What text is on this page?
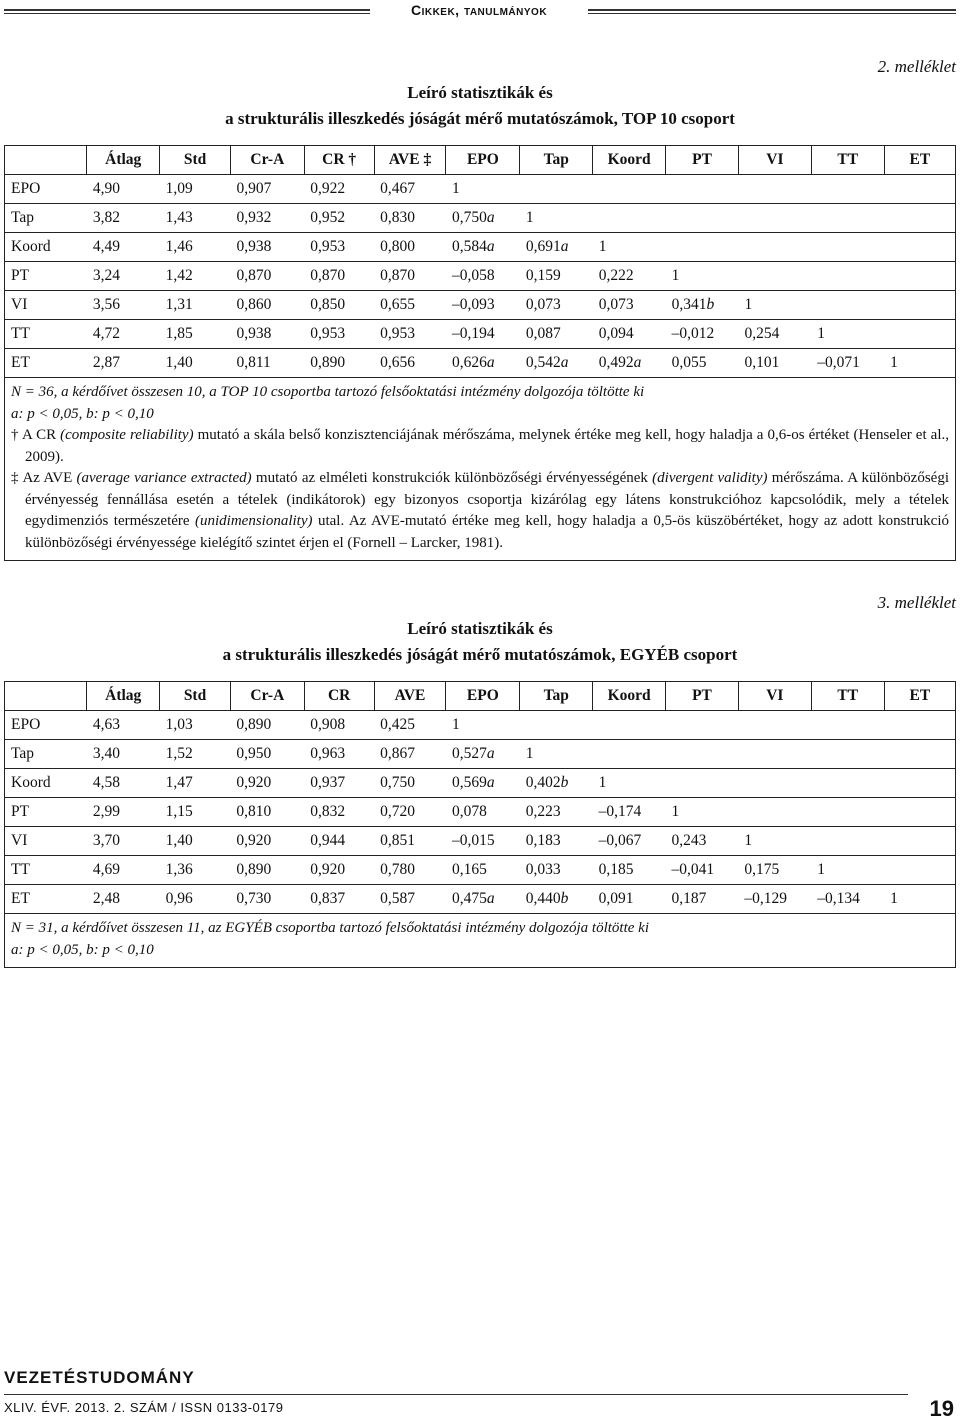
Cikkek, tanulmányok
2. melléklet
Leíró statisztikák és
a strukturális illeszkedés jóságát mérő mutatószámok, TOP 10 csoport
	Átlag	Std	Cr-A	CR †	AVE ‡	EPO	Tap	Koord	PT	VI	TT	ET
EPO	4,90	1,09	0,907	0,922	0,467	1						
Tap	3,82	1,43	0,932	0,952	0,830	0,750a	1					
Koord	4,49	1,46	0,938	0,953	0,800	0,584a	0,691a	1				
PT	3,24	1,42	0,870	0,870	0,870	–0,058	0,159	0,222	1			
VI	3,56	1,31	0,860	0,850	0,655	–0,093	0,073	0,073	0,341b	1		
TT	4,72	1,85	0,938	0,953	0,953	–0,194	0,087	0,094	–0,012	0,254	1	
ET	2,87	1,40	0,811	0,890	0,656	0,626a	0,542a	0,492a	0,055	0,101	–0,071	1

N = 36, a kérdőívet összesen 10, a TOP 10 csoportba tartozó felsőoktatási intézmény dolgozója töltötte ki

a: p < 0,05, b: p < 0,10

† A CR (composite reliability) mutató a skála belső konzisztenciájának mérőszáma, melynek értéke meg kell, hogy haladja a 0,6-os értéket (Henseler et al., 2009).

‡ Az AVE (average variance extracted) mutató az elméleti konstrukciók különbözőségi érvényességének (divergent validity) mérőszáma. A különbözőségi érvényesség fennállása esetén a tételek (indikátorok) egy bizonyos csoportja kizárólag egy látens konstrukcióhoz kapcsolódik, mely a tételek egydimenziós természetére (unidimensionality) utal. Az AVE-mutató értéke meg kell, hogy haladja a 0,5-ös küszöbértéket, hogy az adott konstrukció különbözőségi érvényessége kielégítő szintet érjen el (Fornell – Larcker, 1981).

3. melléklet
Leíró statisztikák és
a strukturális illeszkedés jóságát mérő mutatószámok, EGYÉB csoport
	Átlag	Std	Cr-A	CR	AVE	EPO	Tap	Koord	PT	VI	TT	ET
EPO	4,63	1,03	0,890	0,908	0,425	1						
Tap	3,40	1,52	0,950	0,963	0,867	0,527a	1					
Koord	4,58	1,47	0,920	0,937	0,750	0,569a	0,402b	1				
PT	2,99	1,15	0,810	0,832	0,720	0,078	0,223	–0,174	1			
VI	3,70	1,40	0,920	0,944	0,851	–0,015	0,183	–0,067	0,243	1		
TT	4,69	1,36	0,890	0,920	0,780	0,165	0,033	0,185	–0,041	0,175	1	
ET	2,48	0,96	0,730	0,837	0,587	0,475a	0,440b	0,091	0,187	–0,129	–0,134	1

N = 31, a kérdőívet összesen 11, az EGYÉB csoportba tartozó felsőoktatási intézmény dolgozója töltötte ki

a: p < 0,05, b: p < 0,10

VEZETÉSTUDOMÁNY
XLIV. ÉVF. 2013. 2. SZÁM / ISSN 0133-0179	19
